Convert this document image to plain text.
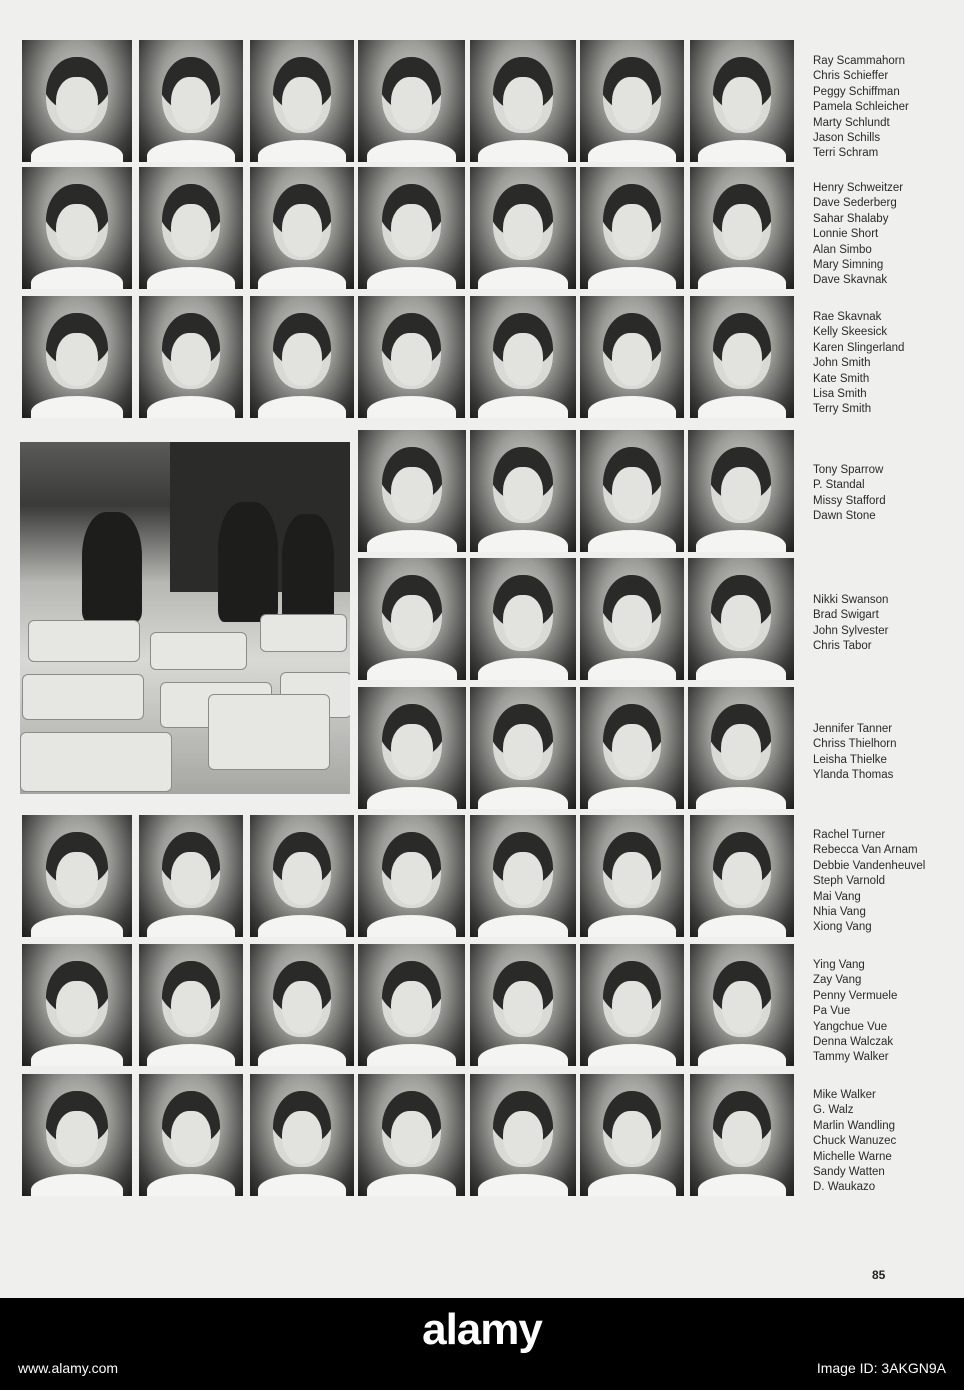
85
Ray Scammahorn
Chris Schieffer
Peggy Schiffman
Pamela Schleicher
Marty Schlundt
Jason Schills
Terri Schram
Henry Schweitzer
Dave Sederberg
Sahar Shalaby
Lonnie Short
Alan Simbo
Mary Simning
Dave Skavnak
Rae Skavnak
Kelly Skeesick
Karen Slingerland
John Smith
Kate Smith
Lisa Smith
Terry Smith
Tony Sparrow
P. Standal
Missy Stafford
Dawn Stone
Nikki Swanson
Brad Swigart
John Sylvester
Chris Tabor
Jennifer Tanner
Chriss Thielhorn
Leisha Thielke
Ylanda Thomas
Rachel Turner
Rebecca Van Arnam
Debbie Vandenheuvel
Steph Varnold
Mai Vang
Nhia Vang
Xiong Vang
Ying Vang
Zay Vang
Penny Vermuele
Pa Vue
Yangchue Vue
Denna Walczak
Tammy Walker
Mike Walker
G. Walz
Marlin Wandling
Chuck Wanuzec
Michelle Warne
Sandy Watten
D. Waukazo
alamy
www.alamy.com	Image ID: 3AKGN9A
